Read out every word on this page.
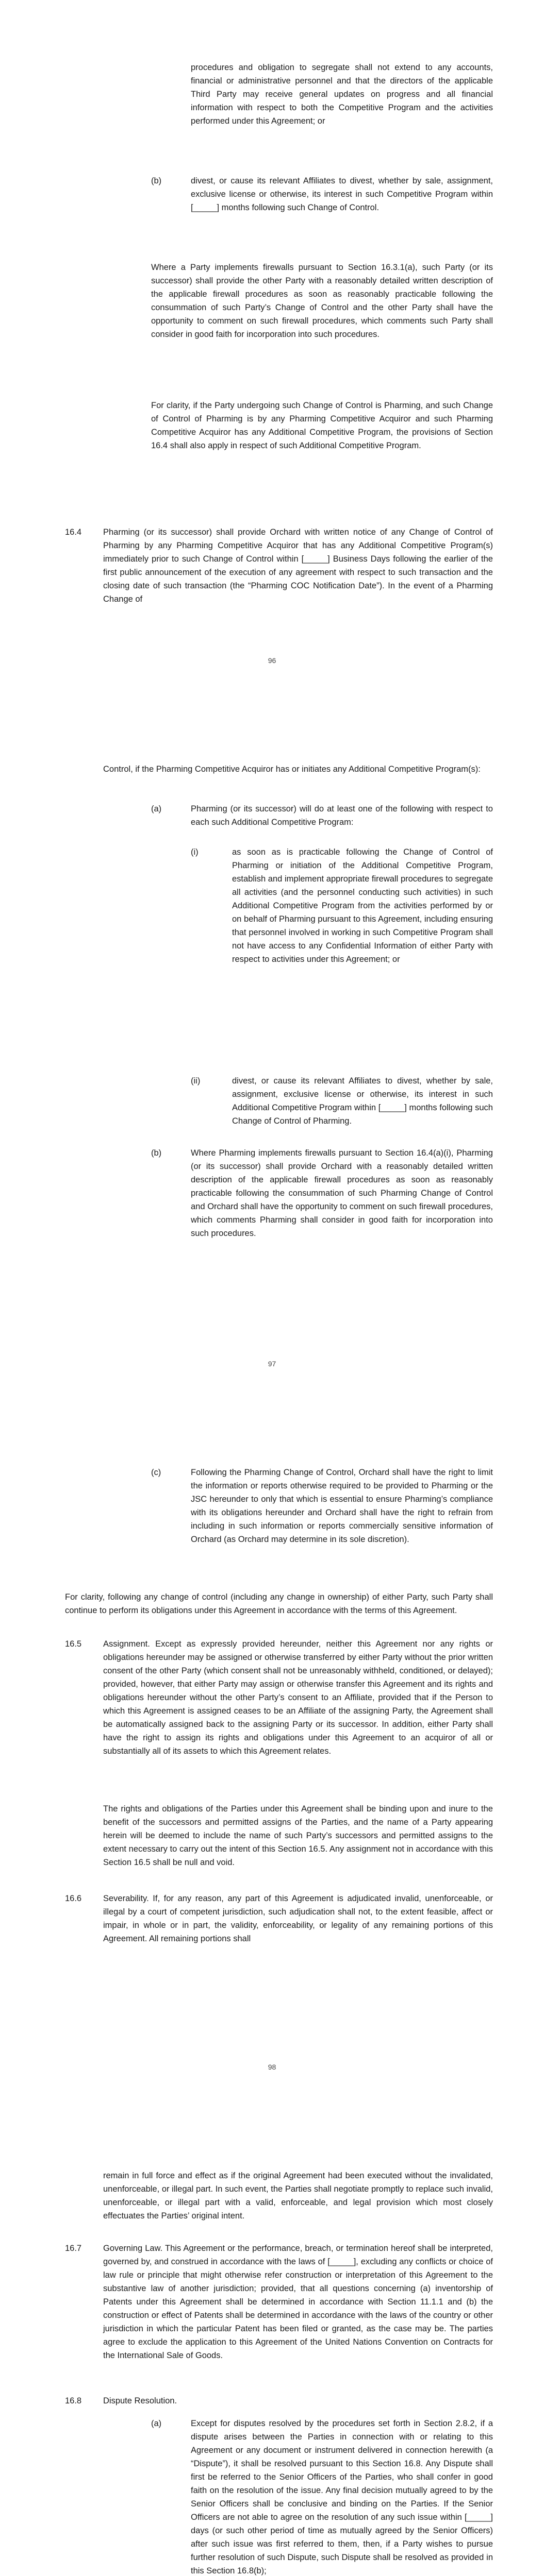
procedures and obligation to segregate shall not extend to any accounts, financial or administrative personnel and that the directors of the applicable Third Party may receive general updates on progress and all financial information with respect to both the Competitive Program and the activities performed under this Agreement; or

(b)	divest, or cause its relevant Affiliates to divest, whether by sale, assignment, exclusive license or otherwise, its interest in such Competitive Program within [_____] months following such Change of Control.

Where a Party implements firewalls pursuant to Section 16.3.1(a), such Party (or its successor) shall provide the other Party with a reasonably detailed written description of the applicable firewall procedures as soon as reasonably practicable following the consummation of such Party’s Change of Control and the other Party shall have the opportunity to comment on such firewall procedures, which comments such Party shall consider in good faith for incorporation into such procedures.

For clarity, if the Party undergoing such Change of Control is Pharming, and such Change of Control of Pharming is by any Pharming Competitive Acquiror and such Pharming Competitive Acquiror has any Additional Competitive Program, the provisions of Section 16.4 shall also apply in respect of such Additional Competitive Program.

16.4	Pharming (or its successor) shall provide Orchard with written notice of any Change of Control of Pharming by any Pharming Competitive Acquiror that has any Additional Competitive Program(s) immediately prior to such Change of Control within [_____] Business Days following the earlier of the first public announcement of the execution of any agreement with respect to such transaction and the closing date of such transaction (the “Pharming COC Notification Date”). In the event of a Pharming Change of

96

Control, if the Pharming Competitive Acquiror has or initiates any Additional Competitive Program(s):

(a)	Pharming (or its successor) will do at least one of the following with respect to each such Additional Competitive Program:

(i)	as soon as is practicable following the Change of Control of Pharming or initiation of the Additional Competitive Program, establish and implement appropriate firewall procedures to segregate all activities (and the personnel conducting such activities) in such Additional Competitive Program from the activities performed by or on behalf of Pharming pursuant to this Agreement, including ensuring that personnel involved in working in such Competitive Program shall not have access to any Confidential Information of either Party with respect to activities under this Agreement; or

(ii)	divest, or cause its relevant Affiliates to divest, whether by sale, assignment, exclusive license or otherwise, its interest in such Additional Competitive Program within [_____] months following such Change of Control of Pharming.

(b)	Where Pharming implements firewalls pursuant to Section 16.4(a)(i), Pharming (or its successor) shall provide Orchard with a reasonably detailed written description of the applicable firewall procedures as soon as reasonably practicable following the consummation of such Pharming Change of Control and Orchard shall have the opportunity to comment on such firewall procedures, which comments Pharming shall consider in good faith for incorporation into such procedures.

97

(c)	Following the Pharming Change of Control, Orchard shall have the right to limit the information or reports otherwise required to be provided to Pharming or the JSC hereunder to only that which is essential to ensure Pharming’s compliance with its obligations hereunder and Orchard shall have the right to refrain from including in such information or reports commercially sensitive information of Orchard (as Orchard may determine in its sole discretion).

For clarity, following any change of control (including any change in ownership) of either Party, such Party shall continue to perform its obligations under this Agreement in accordance with the terms of this Agreement.

16.5	Assignment. Except as expressly provided hereunder, neither this Agreement nor any rights or obligations hereunder may be assigned or otherwise transferred by either Party without the prior written consent of the other Party (which consent shall not be unreasonably withheld, conditioned, or delayed); provided, however, that either Party may assign or otherwise transfer this Agreement and its rights and obligations hereunder without the other Party’s consent to an Affiliate, provided that if the Person to which this Agreement is assigned ceases to be an Affiliate of the assigning Party, the Agreement shall be automatically assigned back to the assigning Party or its successor. In addition, either Party shall have the right to assign its rights and obligations under this Agreement to an acquiror of all or substantially all of its assets to which this Agreement relates.

The rights and obligations of the Parties under this Agreement shall be binding upon and inure to the benefit of the successors and permitted assigns of the Parties, and the name of a Party appearing herein will be deemed to include the name of such Party’s successors and permitted assigns to the extent necessary to carry out the intent of this Section 16.5. Any assignment not in accordance with this Section 16.5 shall be null and void.

16.6	Severability. If, for any reason, any part of this Agreement is adjudicated invalid, unenforceable, or illegal by a court of competent jurisdiction, such adjudication shall not, to the extent feasible, affect or impair, in whole or in part, the validity, enforceability, or legality of any remaining portions of this Agreement. All remaining portions shall

98

remain in full force and effect as if the original Agreement had been executed without the invalidated, unenforceable, or illegal part. In such event, the Parties shall negotiate promptly to replace such invalid, unenforceable, or illegal part with a valid, enforceable, and legal provision which most closely effectuates the Parties’ original intent.

16.7	Governing Law. This Agreement or the performance, breach, or termination hereof shall be interpreted, governed by, and construed in accordance with the laws of [_____], excluding any conflicts or choice of law rule or principle that might otherwise refer construction or interpretation of this Agreement to the substantive law of another jurisdiction; provided, that all questions concerning (a) inventorship of Patents under this Agreement shall be determined in accordance with Section 11.1.1 and (b) the construction or effect of Patents shall be determined in accordance with the laws of the country or other jurisdiction in which the particular Patent has been filed or granted, as the case may be. The parties agree to exclude the application to this Agreement of the United Nations Convention on Contracts for the International Sale of Goods.

16.8	Dispute Resolution.

(a)	Except for disputes resolved by the procedures set forth in Section 2.8.2, if a dispute arises between the Parties in connection with or relating to this Agreement or any document or instrument delivered in connection herewith (a “Dispute”), it shall be resolved pursuant to this Section 16.8. Any Dispute shall first be referred to the Senior Officers of the Parties, who shall confer in good faith on the resolution of the issue. Any final decision mutually agreed to by the Senior Officers shall be conclusive and binding on the Parties. If the Senior Officers are not able to agree on the resolution of any such issue within [_____] days (or such other period of time as mutually agreed by the Senior Officers) after such issue was first referred to them, then, if a Party wishes to pursue further resolution of such Dispute, such Dispute shall be resolved as provided in this Section 16.8(b);
